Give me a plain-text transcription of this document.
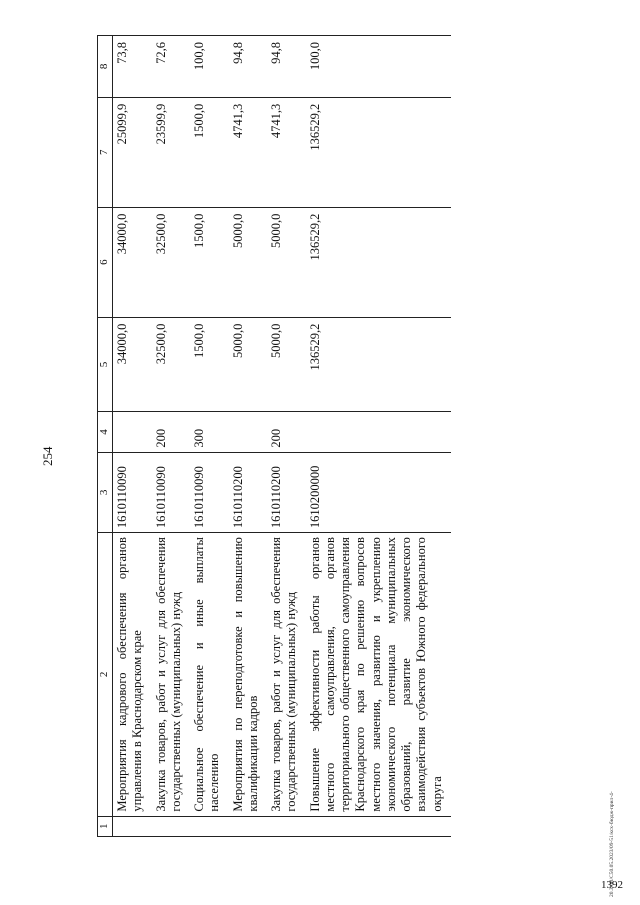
254
20.3/0B/C50.05.2023/09-51/ксх-бюдж-прил-4-
1392
1	2	3	4	5	6	7	8
	Мероприятия кадрового обеспечения органов управления в Краснодарском крае	1610110090		34000,0	34000,0	25099,9	73,8
	Закупка товаров, работ и услуг для обеспечения государственных (муниципальных) нужд	1610110090	200	32500,0	32500,0	23599,9	72,6
	Социальное обеспечение и иные выплаты населению	1610110090	300	1500,0	1500,0	1500,0	100,0
	Мероприятия по переподготовке и повышению квалификации кадров	1610110200		5000,0	5000,0	4741,3	94,8
	Закупка товаров, работ и услуг для обеспечения государственных (муниципальных) нужд	1610110200	200	5000,0	5000,0	4741,3	94,8
	Повышение эффективности работы органов местного самоуправления, органов территориального общественного самоуправления Краснодарского края по решению вопросов местного значения, развитию и укреплению экономического потенциала муниципальных образований, развитие экономического взаимодействия субъектов Южного федерального округа	1610200000		136529,2	136529,2	136529,2	100,0
